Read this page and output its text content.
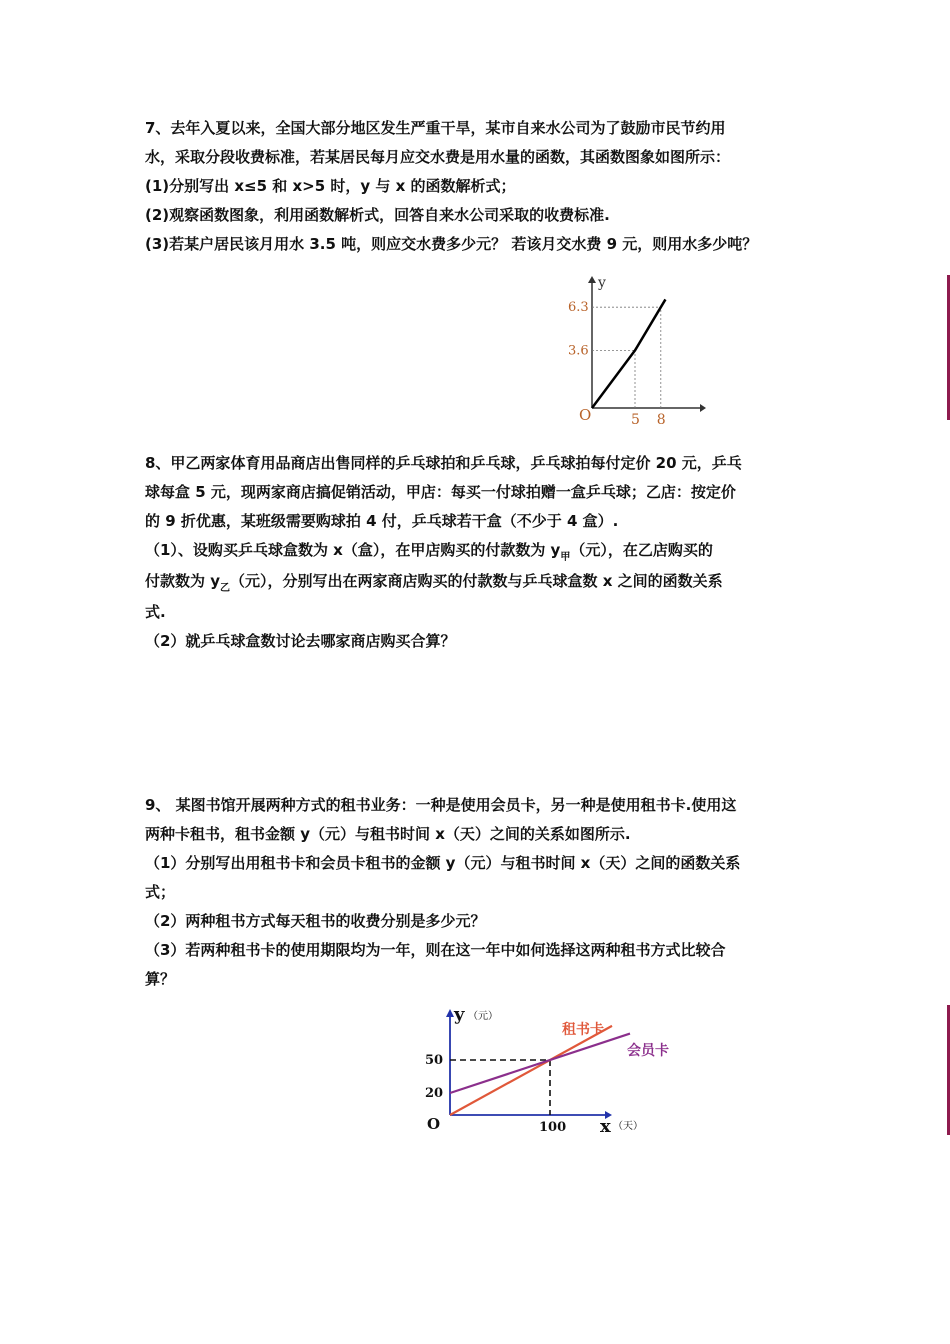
7、去年入夏以来，全国大部分地区发生严重干旱，某市自来水公司为了鼓励市民节约用

水，采取分段收费标准，若某居民每月应交水费是用水量的函数，其函数图象如图所示：

(1)分别写出 x≤5 和 x>5 时，y 与 x 的函数解析式；

(2)观察函数图象，利用函数解析式，回答自来水公司采取的收费标准.

(3)若某户居民该月用水 3.5 吨，则应交水费多少元？ 若该月交水费 9 元，则用水多少吨？

y
O	5 8
3.6
6.3

8、甲乙两家体育用品商店出售同样的乒乓球拍和乒乓球，乒乓球拍每付定价 20 元，乒乓

球每盒 5 元，现两家商店搞促销活动，甲店：每买一付球拍赠一盒乒乓球；乙店：按定价

的 9 折优惠，某班级需要购球拍 4 付，乒乓球若干盒（不少于 4 盒）.

（1）、设购买乒乓球盒数为 x（盒），在甲店购买的付款数为 $y_甲$（元），在乙店购买的

付款数为 $y_乙$（元），分别写出在两家商店购买的付款数与乒乓球盒数 x 之间的函数关系

式.

（2）就乒乓球盒数讨论去哪家商店购买合算？

9、 某图书馆开展两种方式的租书业务：一种是使用会员卡，另一种是使用租书卡.使用这

两种卡租书，租书金额 y（元）与租书时间 x（天）之间的关系如图所示.

（1）分别写出用租书卡和会员卡租书的金额 y（元）与租书时间 x（天）之间的函数关系

式；

（2）两种租书方式每天租书的收费分别是多少元？

（3）若两种租书卡的使用期限均为一年，则在这一年中如何选择这两种租书方式比较合

算？

y （元）
x （天）
O
租书卡
会员卡
50
20
100
